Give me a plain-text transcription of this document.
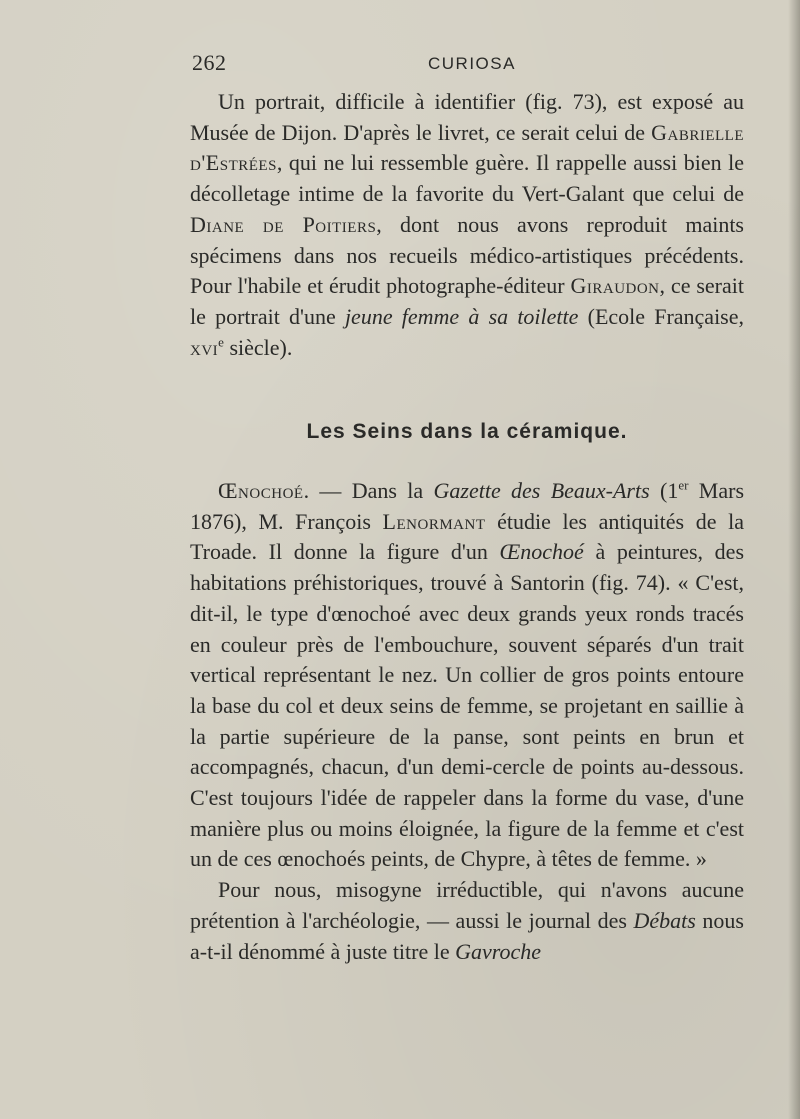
262	CURIOSA

Un portrait, difficile à identifier (fig. 73), est exposé au Musée de Dijon. D'après le livret, ce serait celui de Gabrielle d'Estrées, qui ne lui ressemble guère. Il rappelle aussi bien le décolletage intime de la favorite du Vert-Galant que celui de Diane de Poitiers, dont nous avons reproduit maints spécimens dans nos recueils médico-artistiques précédents. Pour l'habile et érudit photographe-éditeur Giraudon, ce serait le portrait d'une jeune femme à sa toilette (Ecole Française, xvi$^e$ siècle).

Les Seins dans la céramique.

Œnochoé. — Dans la Gazette des Beaux-Arts (1er Mars 1876), M. François Lenormant étudie les antiquités de la Troade. Il donne la figure d'un Œnochoé à peintures, des habitations préhistoriques, trouvé à Santorin (fig. 74). « C'est, dit-il, le type d'œnochoé avec deux grands yeux ronds tracés en couleur près de l'embouchure, souvent séparés d'un trait vertical représentant le nez. Un collier de gros points entoure la base du col et deux seins de femme, se projetant en saillie à la partie supérieure de la panse, sont peints en brun et accompagnés, chacun, d'un demi-cercle de points au-dessous. C'est toujours l'idée de rappeler dans la forme du vase, d'une manière plus ou moins éloignée, la figure de la femme et c'est un de ces œnochoés peints, de Chypre, à têtes de femme. »

Pour nous, misogyne irréductible, qui n'avons aucune prétention à l'archéologie, — aussi le journal des Débats nous a-t-il dénommé à juste titre le Gavroche
